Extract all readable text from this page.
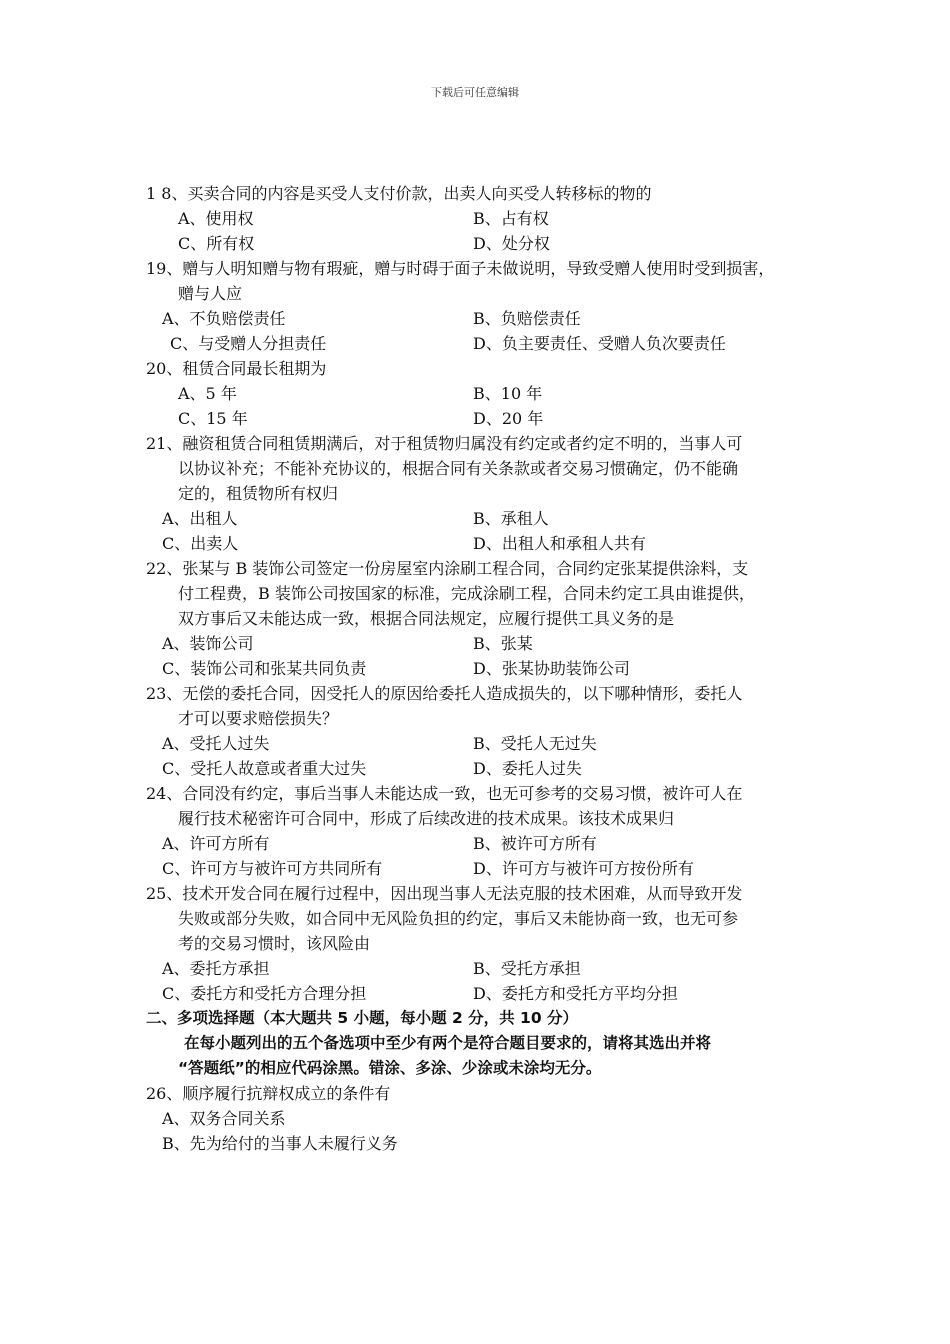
下载后可任意编辑
1 8、买卖合同的内容是买受人支付价款，出卖人向买受人转移标的物的
A、使用权	B、占有权
C、所有权	D、处分权
19、赠与人明知赠与物有瑕疵，赠与时碍于面子未做说明，导致受赠人使用时受到损害，
赠与人应
A、不负赔偿责任	B、负赔偿责任
C、与受赠人分担责任	D、负主要责任、受赠人负次要责任
20、租赁合同最长租期为
A、5 年	B、10 年
C、15 年	D、20 年
21、融资租赁合同租赁期满后，对于租赁物归属没有约定或者约定不明的，当事人可
以协议补充；不能补充协议的，根据合同有关条款或者交易习惯确定，仍不能确
定的，租赁物所有权归
A、出租人	B、承租人
C、出卖人	D、出租人和承租人共有
22、张某与 B 装饰公司签定一份房屋室内涂刷工程合同，合同约定张某提供涂料，支
付工程费，B 装饰公司按国家的标准，完成涂刷工程，合同未约定工具由谁提供，
双方事后又未能达成一致，根据合同法规定，应履行提供工具义务的是
A、装饰公司	B、张某
C、装饰公司和张某共同负责	D、张某协助装饰公司
23、无偿的委托合同，因受托人的原因给委托人造成损失的，以下哪种情形，委托人
才可以要求赔偿损失？
A、受托人过失	B、受托人无过失
C、受托人故意或者重大过失	D、委托人过失
24、合同没有约定，事后当事人未能达成一致，也无可参考的交易习惯，被许可人在
履行技术秘密许可合同中，形成了后续改进的技术成果。该技术成果归
A、许可方所有	B、被许可方所有
C、许可方与被许可方共同所有	D、许可方与被许可方按份所有
25、技术开发合同在履行过程中，因出现当事人无法克服的技术困难，从而导致开发
失败或部分失败，如合同中无风险负担的约定，事后又未能协商一致，也无可参
考的交易习惯时，该风险由
A、委托方承担	B、受托方承担
C、委托方和受托方合理分担	D、委托方和受托方平均分担
二、多项选择题（本大题共 5 小题，每小题 2 分，共 10 分）
在每小题列出的五个备选项中至少有两个是符合题目要求的，请将其选出并将
“答题纸”的相应代码涂黑。错涂、多涂、少涂或未涂均无分。
26、顺序履行抗辩权成立的条件有
A、双务合同关系
B、先为给付的当事人未履行义务
